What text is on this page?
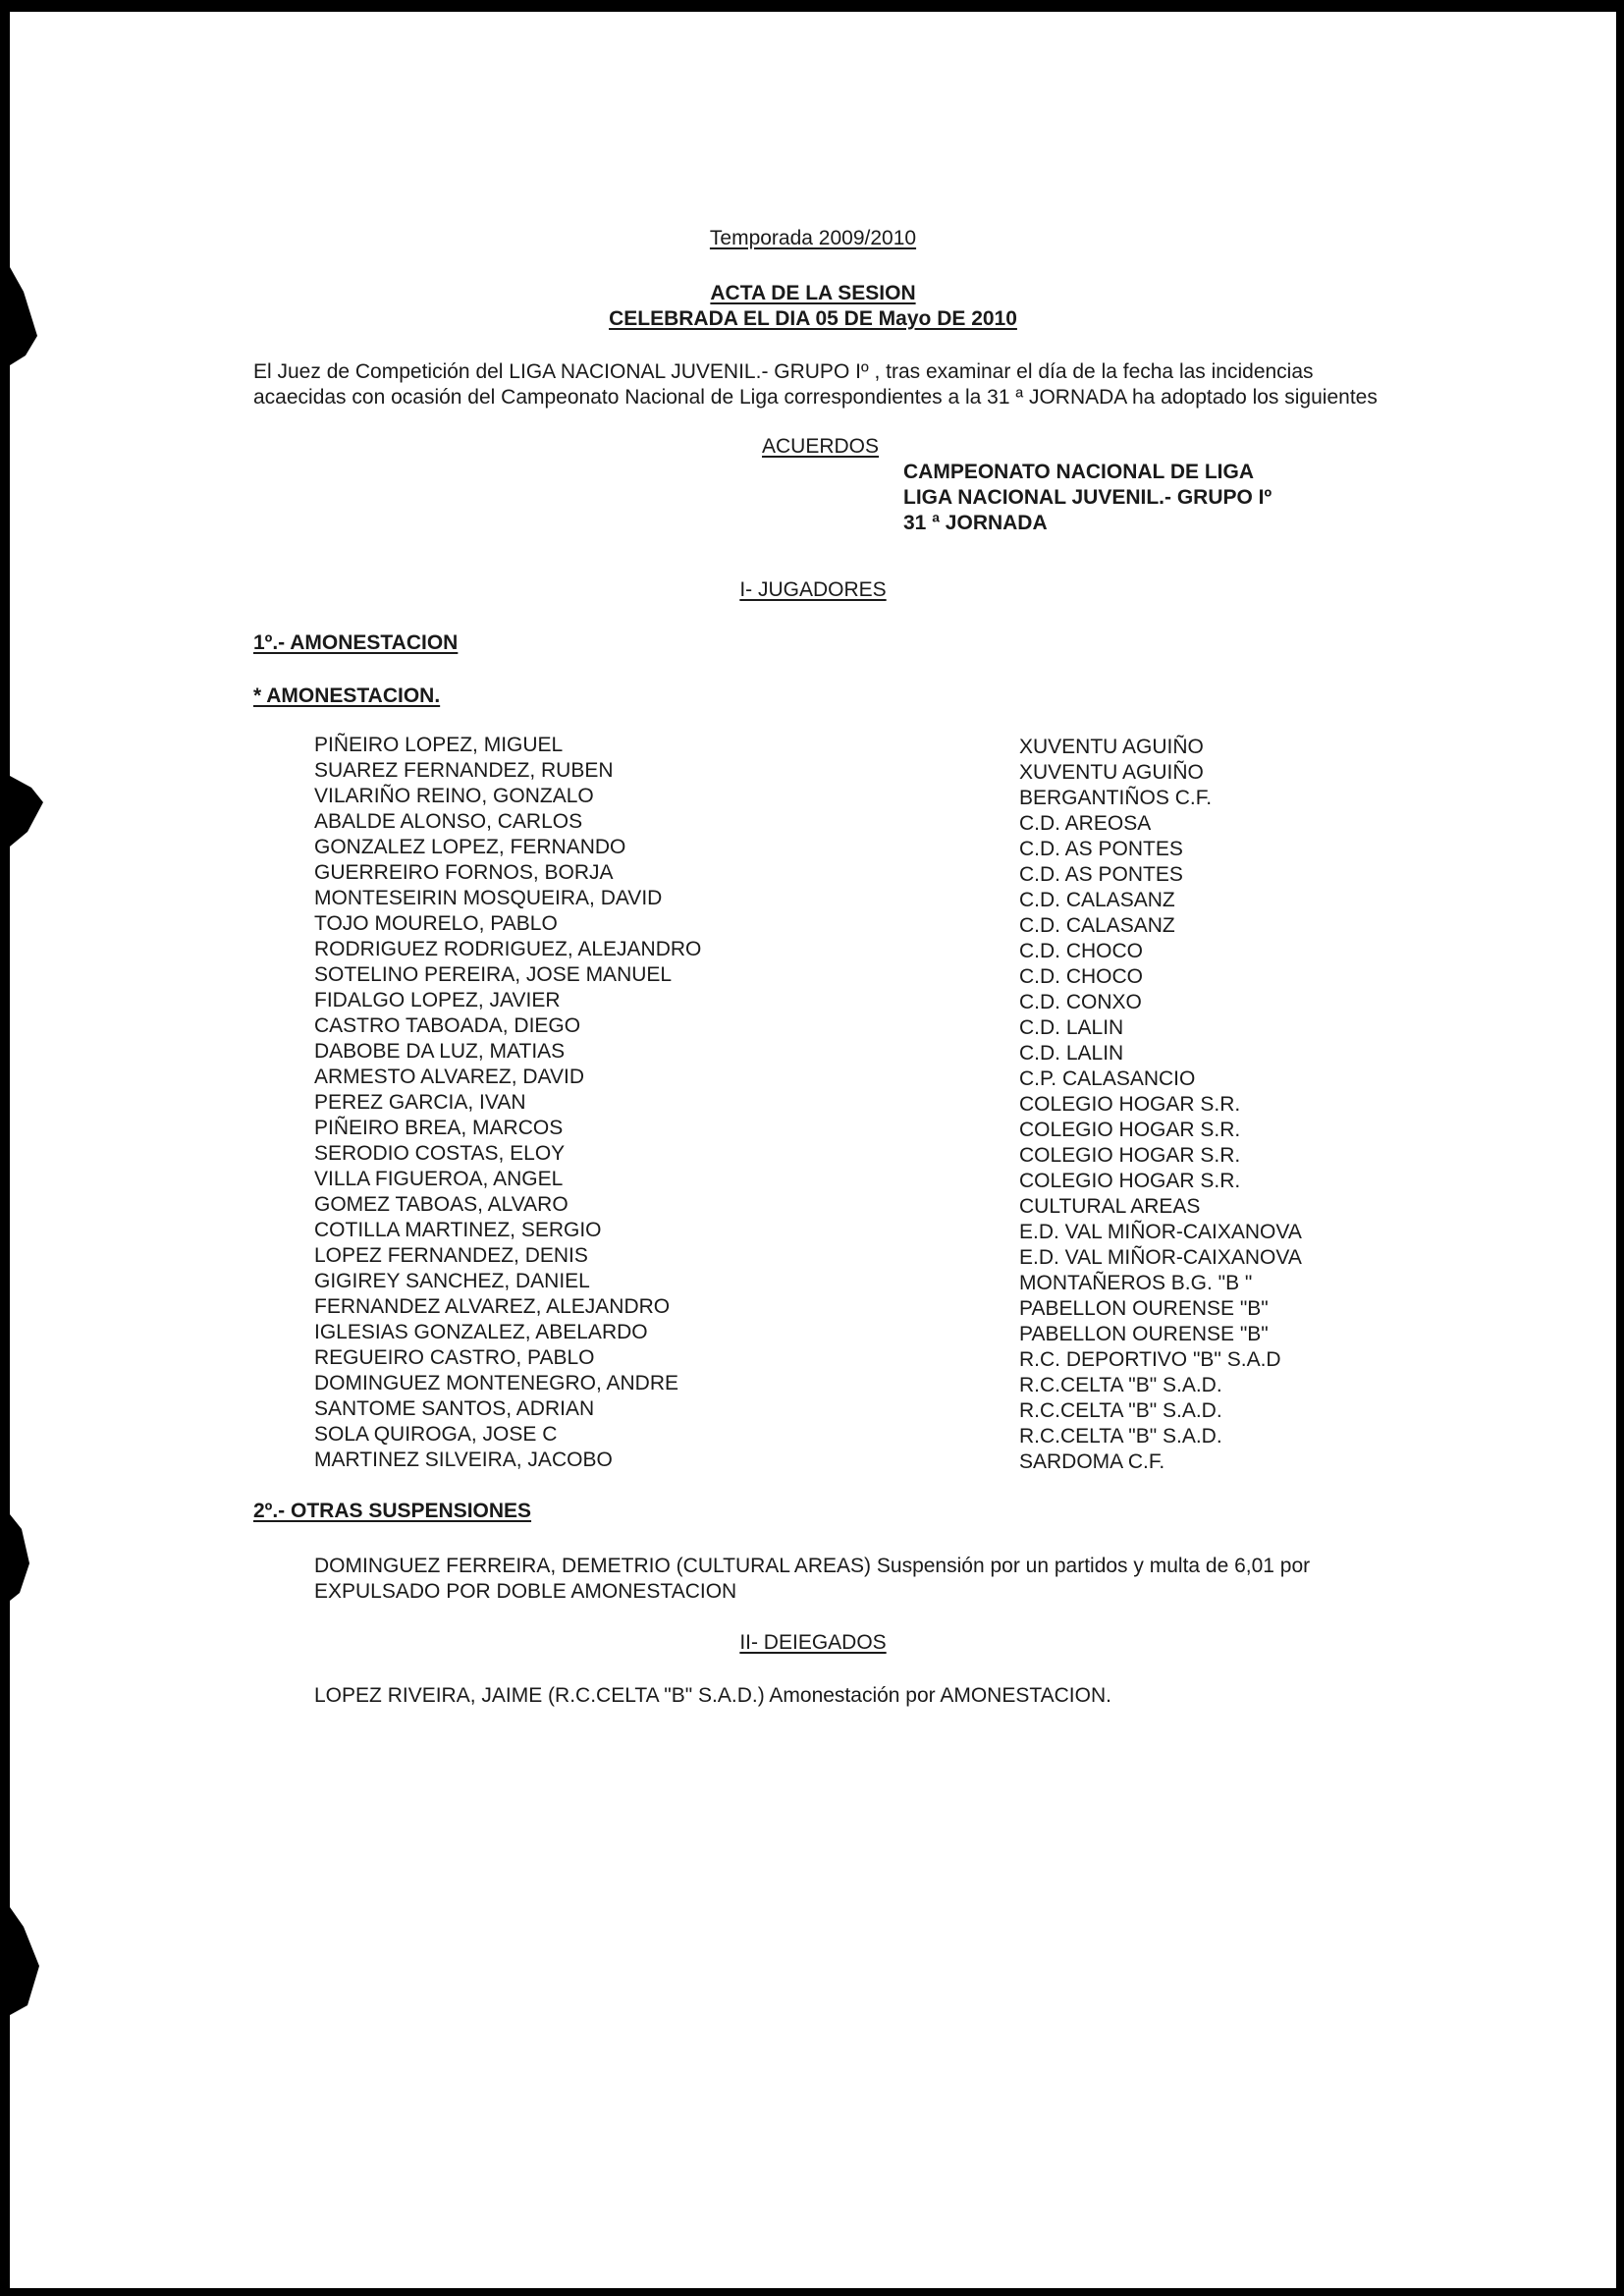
Temporada 2009/2010
ACTA DE LA SESION
CELEBRADA EL DIA 05 DE Mayo DE 2010
El Juez de Competición del LIGA NACIONAL JUVENIL.- GRUPO Iº , tras examinar el día de la fecha las incidencias
acaecidas con ocasión del Campeonato Nacional de Liga correspondientes a la 31 ª JORNADA ha adoptado los siguientes
ACUERDOS
CAMPEONATO NACIONAL DE LIGA
LIGA NACIONAL JUVENIL.- GRUPO Iº
31 ª JORNADA
I- JUGADORES
1º.- AMONESTACION
* AMONESTACION.
PIÑEIRO LOPEZ, MIGUEL
SUAREZ FERNANDEZ, RUBEN
VILARIÑO REINO, GONZALO
ABALDE ALONSO, CARLOS
GONZALEZ LOPEZ, FERNANDO
GUERREIRO FORNOS, BORJA
MONTESEIRIN MOSQUEIRA, DAVID
TOJO MOURELO, PABLO
RODRIGUEZ RODRIGUEZ, ALEJANDRO
SOTELINO PEREIRA, JOSE MANUEL
FIDALGO LOPEZ, JAVIER
CASTRO TABOADA, DIEGO
DABOBE DA LUZ, MATIAS
ARMESTO ALVAREZ, DAVID
PEREZ GARCIA, IVAN
PIÑEIRO BREA, MARCOS
SERODIO COSTAS, ELOY
VILLA FIGUEROA, ANGEL
GOMEZ TABOAS, ALVARO
COTILLA MARTINEZ, SERGIO
LOPEZ FERNANDEZ, DENIS
GIGIREY SANCHEZ, DANIEL
FERNANDEZ ALVAREZ, ALEJANDRO
IGLESIAS GONZALEZ, ABELARDO
REGUEIRO CASTRO, PABLO
DOMINGUEZ MONTENEGRO, ANDRE
SANTOME SANTOS, ADRIAN
SOLA QUIROGA, JOSE C
MARTINEZ SILVEIRA, JACOBO
XUVENTU AGUIÑO
XUVENTU AGUIÑO
BERGANTIÑOS C.F.
C.D. AREOSA
C.D. AS PONTES
C.D. AS PONTES
C.D. CALASANZ
C.D. CALASANZ
C.D. CHOCO
C.D. CHOCO
C.D. CONXO
C.D. LALIN
C.D. LALIN
C.P. CALASANCIO
COLEGIO HOGAR S.R.
COLEGIO HOGAR S.R.
COLEGIO HOGAR S.R.
COLEGIO HOGAR S.R.
CULTURAL AREAS
E.D. VAL MIÑOR-CAIXANOVA
E.D. VAL MIÑOR-CAIXANOVA
MONTAÑEROS B.G. "B "
PABELLON OURENSE "B"
PABELLON OURENSE "B"
R.C. DEPORTIVO "B" S.A.D
R.C.CELTA "B" S.A.D.
R.C.CELTA "B" S.A.D.
R.C.CELTA "B" S.A.D.
SARDOMA C.F.
2º.- OTRAS SUSPENSIONES
DOMINGUEZ FERREIRA, DEMETRIO (CULTURAL AREAS) Suspensión por un partidos y multa de 6,01 por
EXPULSADO POR DOBLE AMONESTACION
II- DEIEGADOS
LOPEZ RIVEIRA, JAIME (R.C.CELTA "B" S.A.D.) Amonestación por AMONESTACION.
